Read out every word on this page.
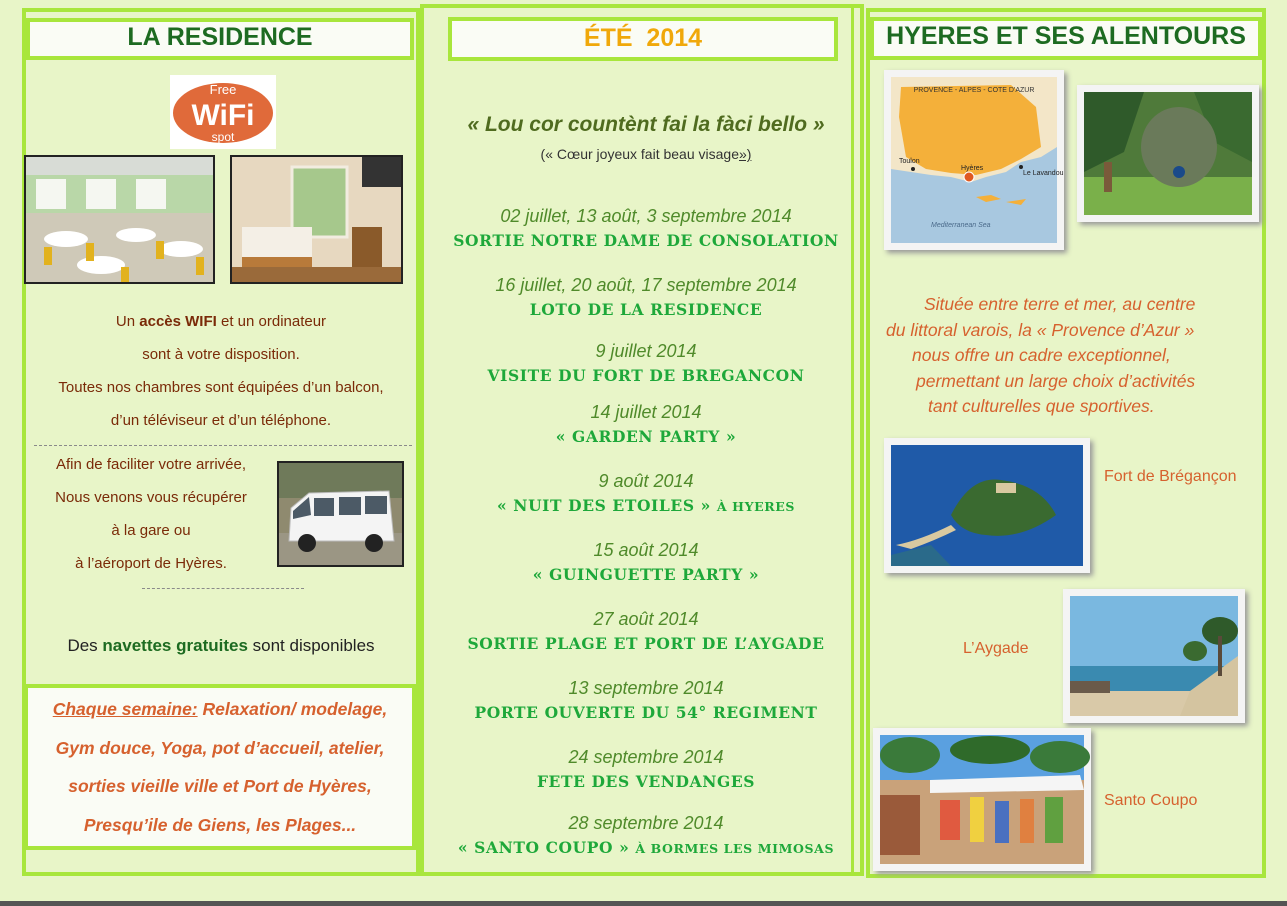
LA RESIDENCE
Free
WiFi
spot
Un accès WIFI et un ordinateur
sont à votre disposition.
Toutes nos chambres sont équipées d’un balcon,
d’un téléviseur et d’un téléphone.
Afin de faciliter votre arrivée,
Nous venons vous récupérer
à la gare ou
à l’aéroport de Hyères.
Des navettes gratuites sont disponibles
Chaque semaine: Relaxation/ modelage,
Gym douce, Yoga, pot d’accueil, atelier,
sorties vieille ville et Port de Hyères,
Presqu’ile de Giens, les Plages...
ÉTÉ  2014
« Lou cor countènt fai la fàci bello »
(« Cœur joyeux fait beau visage»)
02 juillet, 13 août, 3 septembre 2014
SORTIE NOTRE DAME DE CONSOLATION
16 juillet, 20 août, 17 septembre 2014
LOTO DE LA RESIDENCE
9 juillet 2014
VISITE DU FORT DE BREGANCON
14 juillet 2014
« GARDEN PARTY »
9 août 2014
« NUIT DES ETOILES » À HYERES
15 août 2014
« GUINGUETTE PARTY »
27 août 2014
SORTIE PLAGE ET PORT DE L’AYGADE
13 septembre 2014
PORTE OUVERTE DU 54° REGIMENT
24 septembre 2014
FETE DES VENDANGES
28 septembre 2014
« SANTO COUPO » À BORMES LES MIMOSAS
HYERES ET SES ALENTOURS
PROVENCE - ALPES - COTE D'AZUR
Toulon
Hyères
Le Lavandou
Mediterranean Sea
Située entre terre et mer, au centre
du littoral varois, la « Provence d’Azur »
nous offre un cadre exceptionnel,
permettant un large choix d’activités
tant culturelles que sportives.
Fort de Brégançon
L’Aygade
Santo Coupo
